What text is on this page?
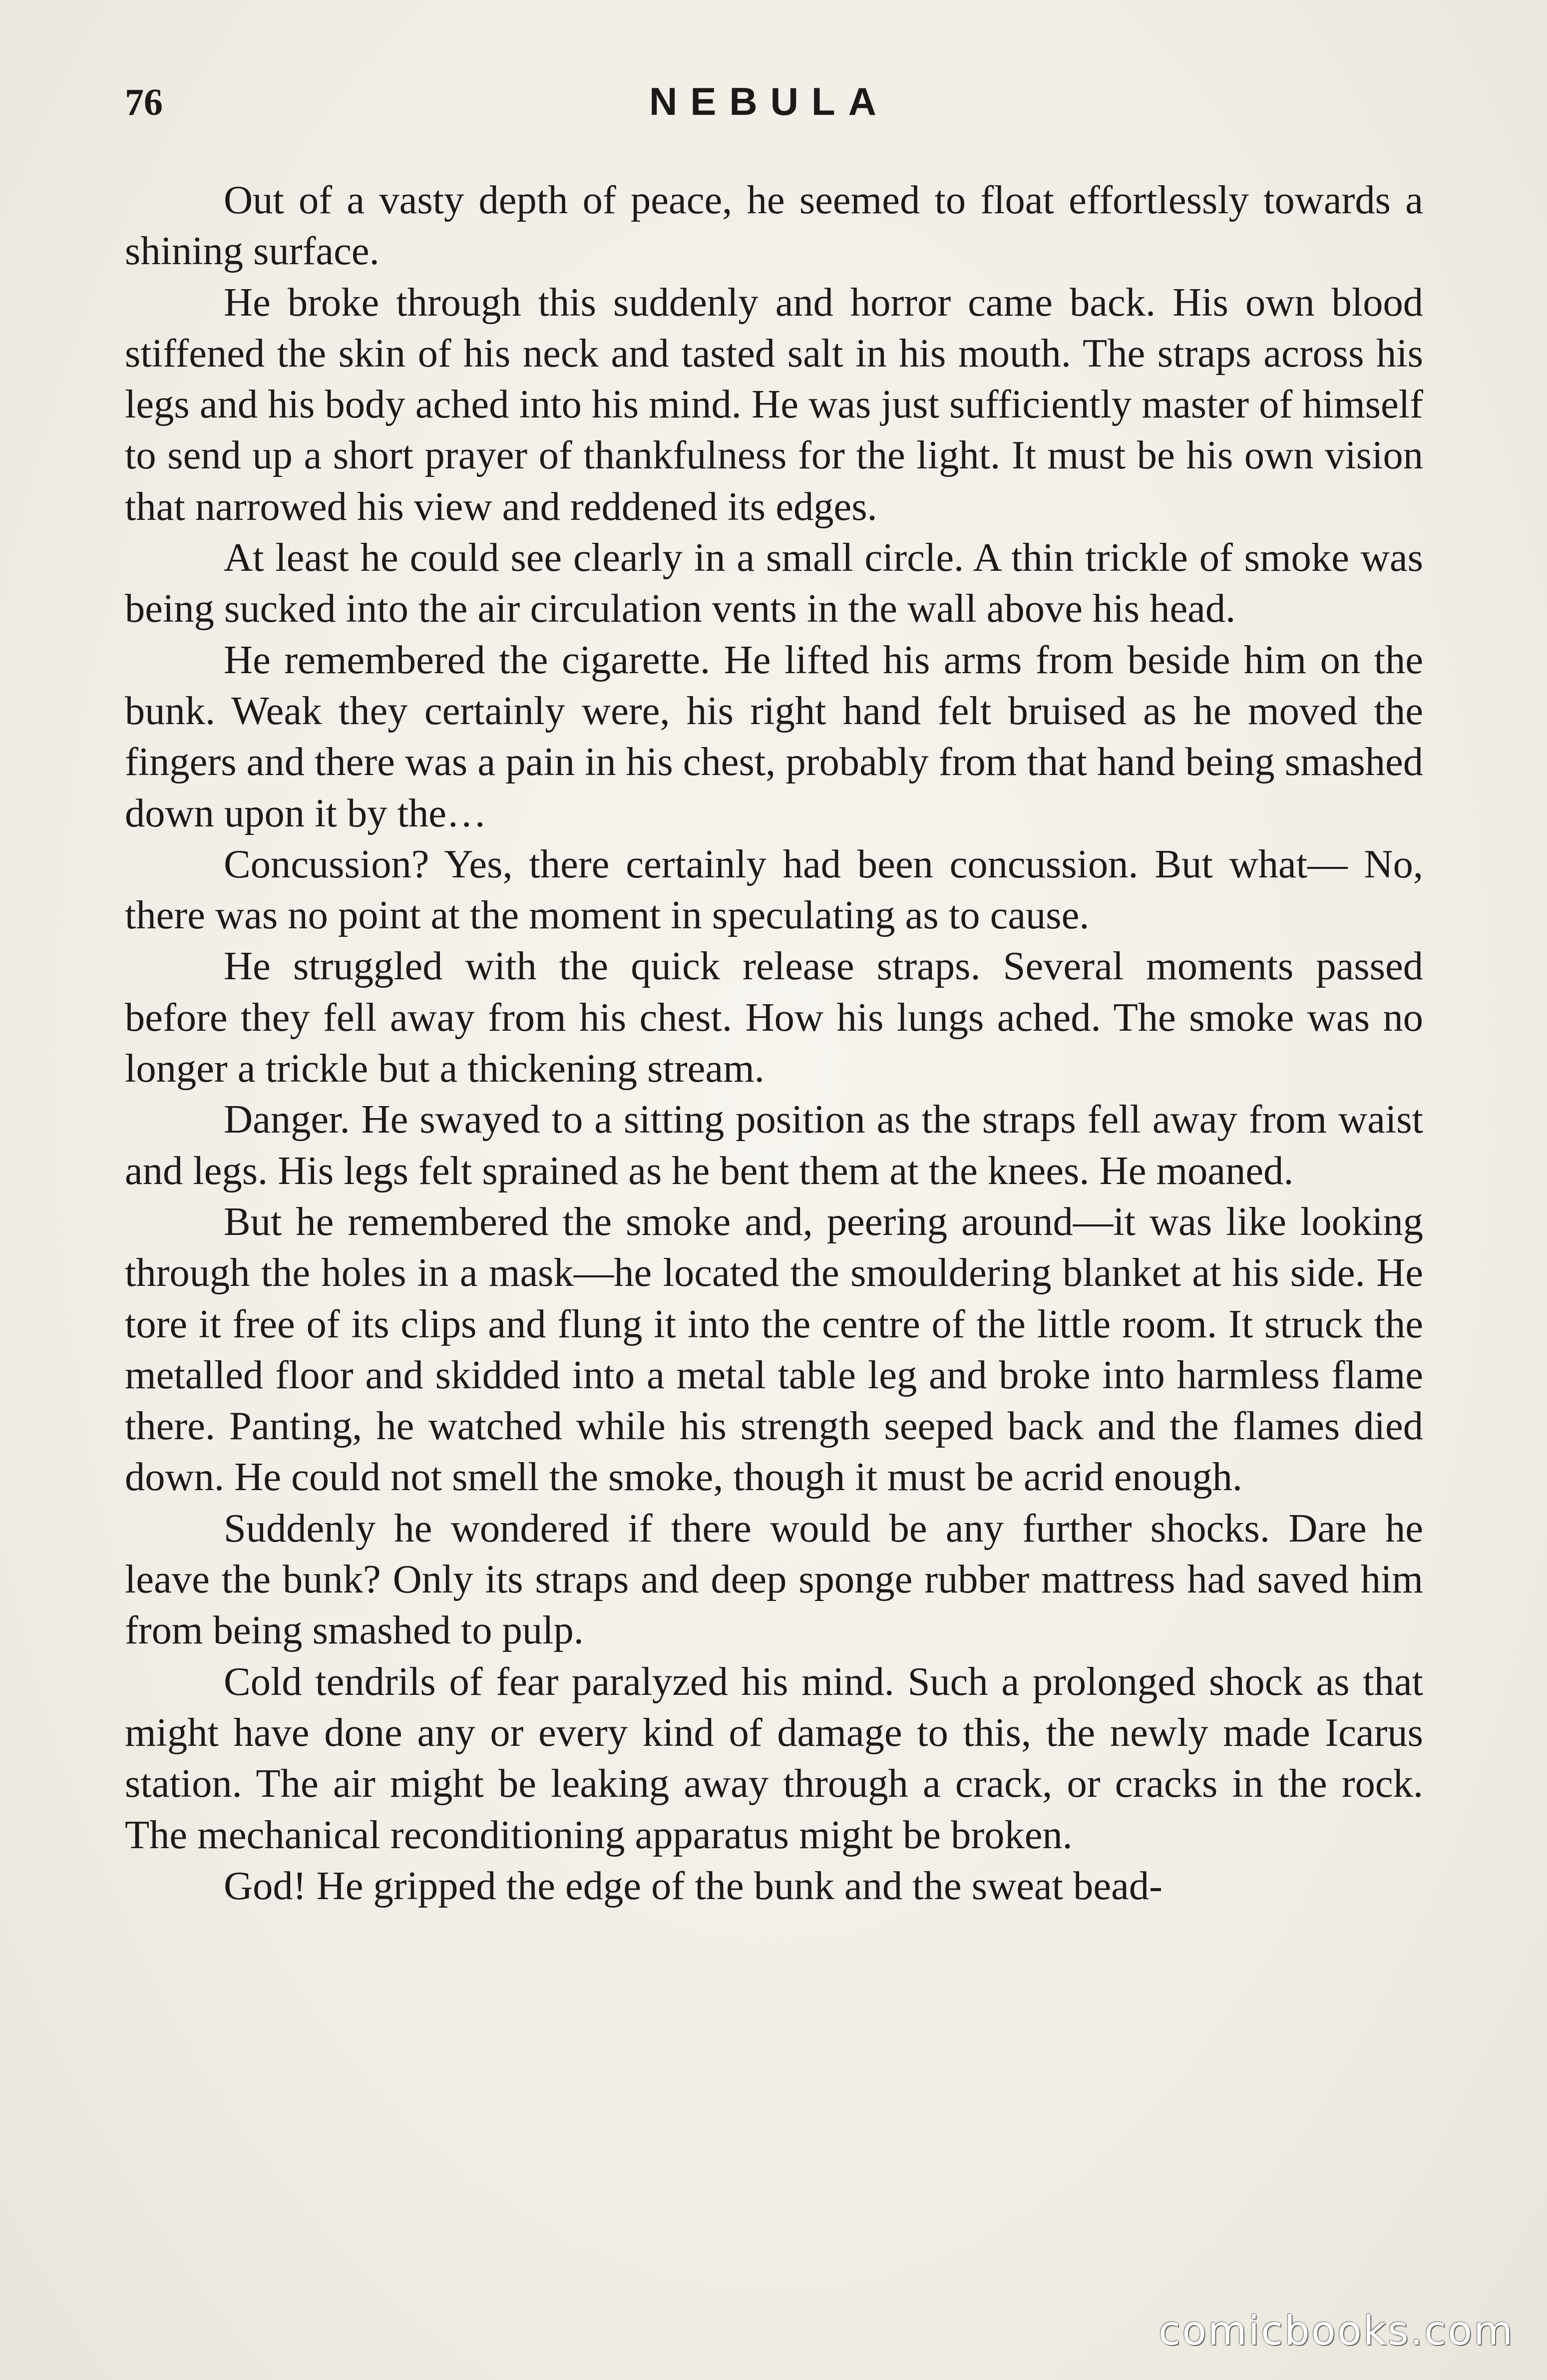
76	NEBULA

Out of a vasty depth of peace, he seemed to float effortlessly towards a shining surface.

He broke through this suddenly and horror came back. His own blood stiffened the skin of his neck and tasted salt in his mouth. The straps across his legs and his body ached into his mind. He was just sufficiently master of himself to send up a short prayer of thankfulness for the light. It must be his own vision that narrowed his view and reddened its edges.

At least he could see clearly in a small circle. A thin trickle of smoke was being sucked into the air circulation vents in the wall above his head.

He remembered the cigarette. He lifted his arms from beside him on the bunk. Weak they certainly were, his right hand felt bruised as he moved the fingers and there was a pain in his chest, probably from that hand being smashed down upon it by the…

Concussion? Yes, there certainly had been concussion. But what— No, there was no point at the moment in speculating as to cause.

He struggled with the quick release straps. Several moments passed before they fell away from his chest. How his lungs ached. The smoke was no longer a trickle but a thickening stream.

Danger. He swayed to a sitting position as the straps fell away from waist and legs. His legs felt sprained as he bent them at the knees. He moaned.

But he remembered the smoke and, peering around—it was like looking through the holes in a mask—he located the smouldering blanket at his side. He tore it free of its clips and flung it into the centre of the little room. It struck the metalled floor and skidded into a metal table leg and broke into harmless flame there. Panting, he watched while his strength seeped back and the flames died down. He could not smell the smoke, though it must be acrid enough.

Suddenly he wondered if there would be any further shocks. Dare he leave the bunk? Only its straps and deep sponge rubber mattress had saved him from being smashed to pulp.

Cold tendrils of fear paralyzed his mind. Such a prolonged shock as that might have done any or every kind of damage to this, the newly made Icarus station. The air might be leaking away through a crack, or cracks in the rock. The mechanical reconditioning apparatus might be broken.

God! He gripped the edge of the bunk and the sweat bead-

comicbooks.com
